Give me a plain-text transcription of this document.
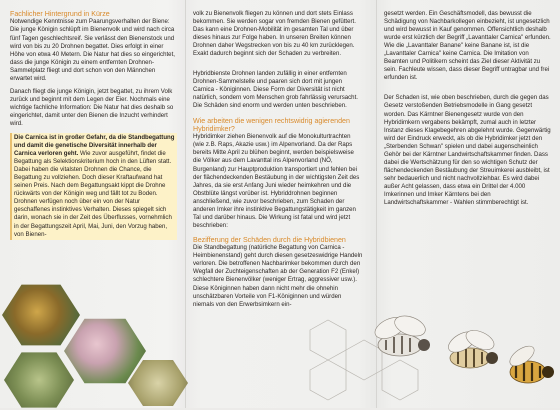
Fachlicher Hintergrund in Kürze

Notwendige Kenntnisse zum Paarungsverhalten der Biene: Die junge Königin schlüpft im Bienenvolk und wird nach circa fünf Tagen geschlechtsreif. Sie verlässt den Bienenstock und wird von bis zu 20 Drohnen begattet. Dies erfolgt in einer Höhe von etwa 40 Metern. Die Natur hat dies so eingerichtet, dass die junge Königin zu einem entfernten Drohnen-Sammelplatz fliegt und dort schon von den Männchen erwartet wird.

Danach fliegt die junge Königin, jetzt begattet, zu ihrem Volk zurück und beginnt mit dem Legen der Eier. Nochmals eine wichtige fachliche Information: Die Natur hat dies deshalb so eingerichtet, damit unter den Bienen die Inzucht verhindert wird.

Die Carnica ist in großer Gefahr, da die Standbegattung und damit die genetische Diversität innerhalb der Carnica verloren geht. Wie zuvor ausgeführt, findet die Begattung als Selektionskriterium hoch in den Lüften statt. Dabei haben die vitalsten Drohnen die Chance, die Begattung zu vollziehen. Doch dieser Kraftaufwand hat seinen Preis. Nach dem Begattungsakt kippt die Drohne rückwärts von der Königin weg und fällt tot zu Boden. Drohnen verfügen noch über ein von der Natur geschaffenes instinktives Verhalten. Dieses spiegelt sich darin, wonach sie in der Zeit des Überflusses, vornehmlich in der Begattungszeit April, Mai, Juni, den Vorzug haben, von Bienen-

volk zu Bienenvolk fliegen zu können und dort stets Einlass bekommen. Sie werden sogar von fremden Bienen gefüttert. Das kann eine Drohnen-Mobilität im gesamten Tal und über dieses hinaus zur Folge haben. In unseren Breiten können Drohnen daher Wegstrecken von bis zu 40 km zurücklegen. Exakt dadurch beginnt sich der Schaden zu verbreiten.

Hybridbienste Drohnen landen zufällig in einer entfernten Drohnen-Sammelstelle und paaren sich dort mit jungen Carnica - Königinnen. Diese Form der Diversität ist nicht natürlich, sondern vom Menschen grob fahrlässig verursacht. Die Schäden sind enorm und werden unten beschrieben.

Wie arbeiten die wenigen rechtswidrig agierenden Hybridimker?

Hybridimker ziehen Bienenvolk auf die Monokulturtrachten (wie z.B. Raps, Akazie usw.) im Alpenvorland. Da der Raps bereits Mitte April zu blühen beginnt, werden beispielsweise die Völker aus dem Lavanttal ins Alpenvorland (NÖ, Burgenland) zur Hauptproduktion transportiert und fehlen bei der flächendeckenden Bestäubung in der wichtigsten Zeit des Jahres, da sie erst Anfang Juni wieder heimkehren und die Obstblüte längst vorüber ist. Hybriddrohnen beginnen anschließend, wie zuvor beschrieben, zum Schaden der anderen Imker ihre instinktive Begattungstätigkeit im ganzen Tal und darüber hinaus. Die Wirkung ist fatal und wird jetzt beschrieben:

Bezifferung der Schäden durch die Hybridbienen

Die Standbegattung (natürliche Begattung von Carnica - Heimbienenstand) geht durch diesen gesetzeswidrige Handeln verloren. Die betroffenen Nachbarimker bekommen durch den Wegfall der Zuchteigenschaften ab der Generation F2 (Enkel) schlechtere Bienenvölker (weniger Ertrag, aggressiver usw.). Diese Königinnen haben dann nicht mehr die ohnehin unschätzbaren Vorteile von F1-Königinnen und würden niemals von den Erwerbsimkern ein-

gesetzt werden. Ein Geschäftsmodell, das bewusst die Schädigung von Nachbarkollegen einbezieht, ist ungesetzlich und wird bewusst in Kauf genommen. Offensichtlich deshalb wurde erst kürzlich der Begriff „Lavanttaler Carnica" erfunden. Wie die „Lavanttaler Banane" keine Banane ist, ist die „Lavanttaler Carnica" keine Carnica. Die Imitation von Beamten und Politikern scheint das Ziel dieser Aktivität zu sein. Fachleute wissen, dass dieser Begriff untragbar und frei erfunden ist.

Der Schaden ist, wie oben beschrieben, durch die gegen das Gesetz verstoßenden Betriebsmodelle in Gang gesetzt worden. Das Kärntner Bienengesetz wurde von den Hybridimkern vergabens bekämpft, zumal auch in letzter Instanz dieses Klagebegehren abgelehnt wurde. Gegenwärtig wird der Eindruck erweckt, als ob die Hybridimker jetzt den „Sterbenden Schwan" spielen und dabei augenscheinlich Gehör bei der Kärntner Landwirtschaftskammer finden. Dass dabei die Wertschätzung für den so wichtigen Schutz der flächendeckenden Bestäubung der Streuimkerei ausbleibt, ist sehr bedauerlich und nicht nachvollziehbar. Es wird dabei außer Acht gelassen, dass etwa ein Drittel der 4.000 Imkerinnen und Imker Kärntens bei den Landwirtschaftskammer - Wahlen stimmberechtigt ist.
